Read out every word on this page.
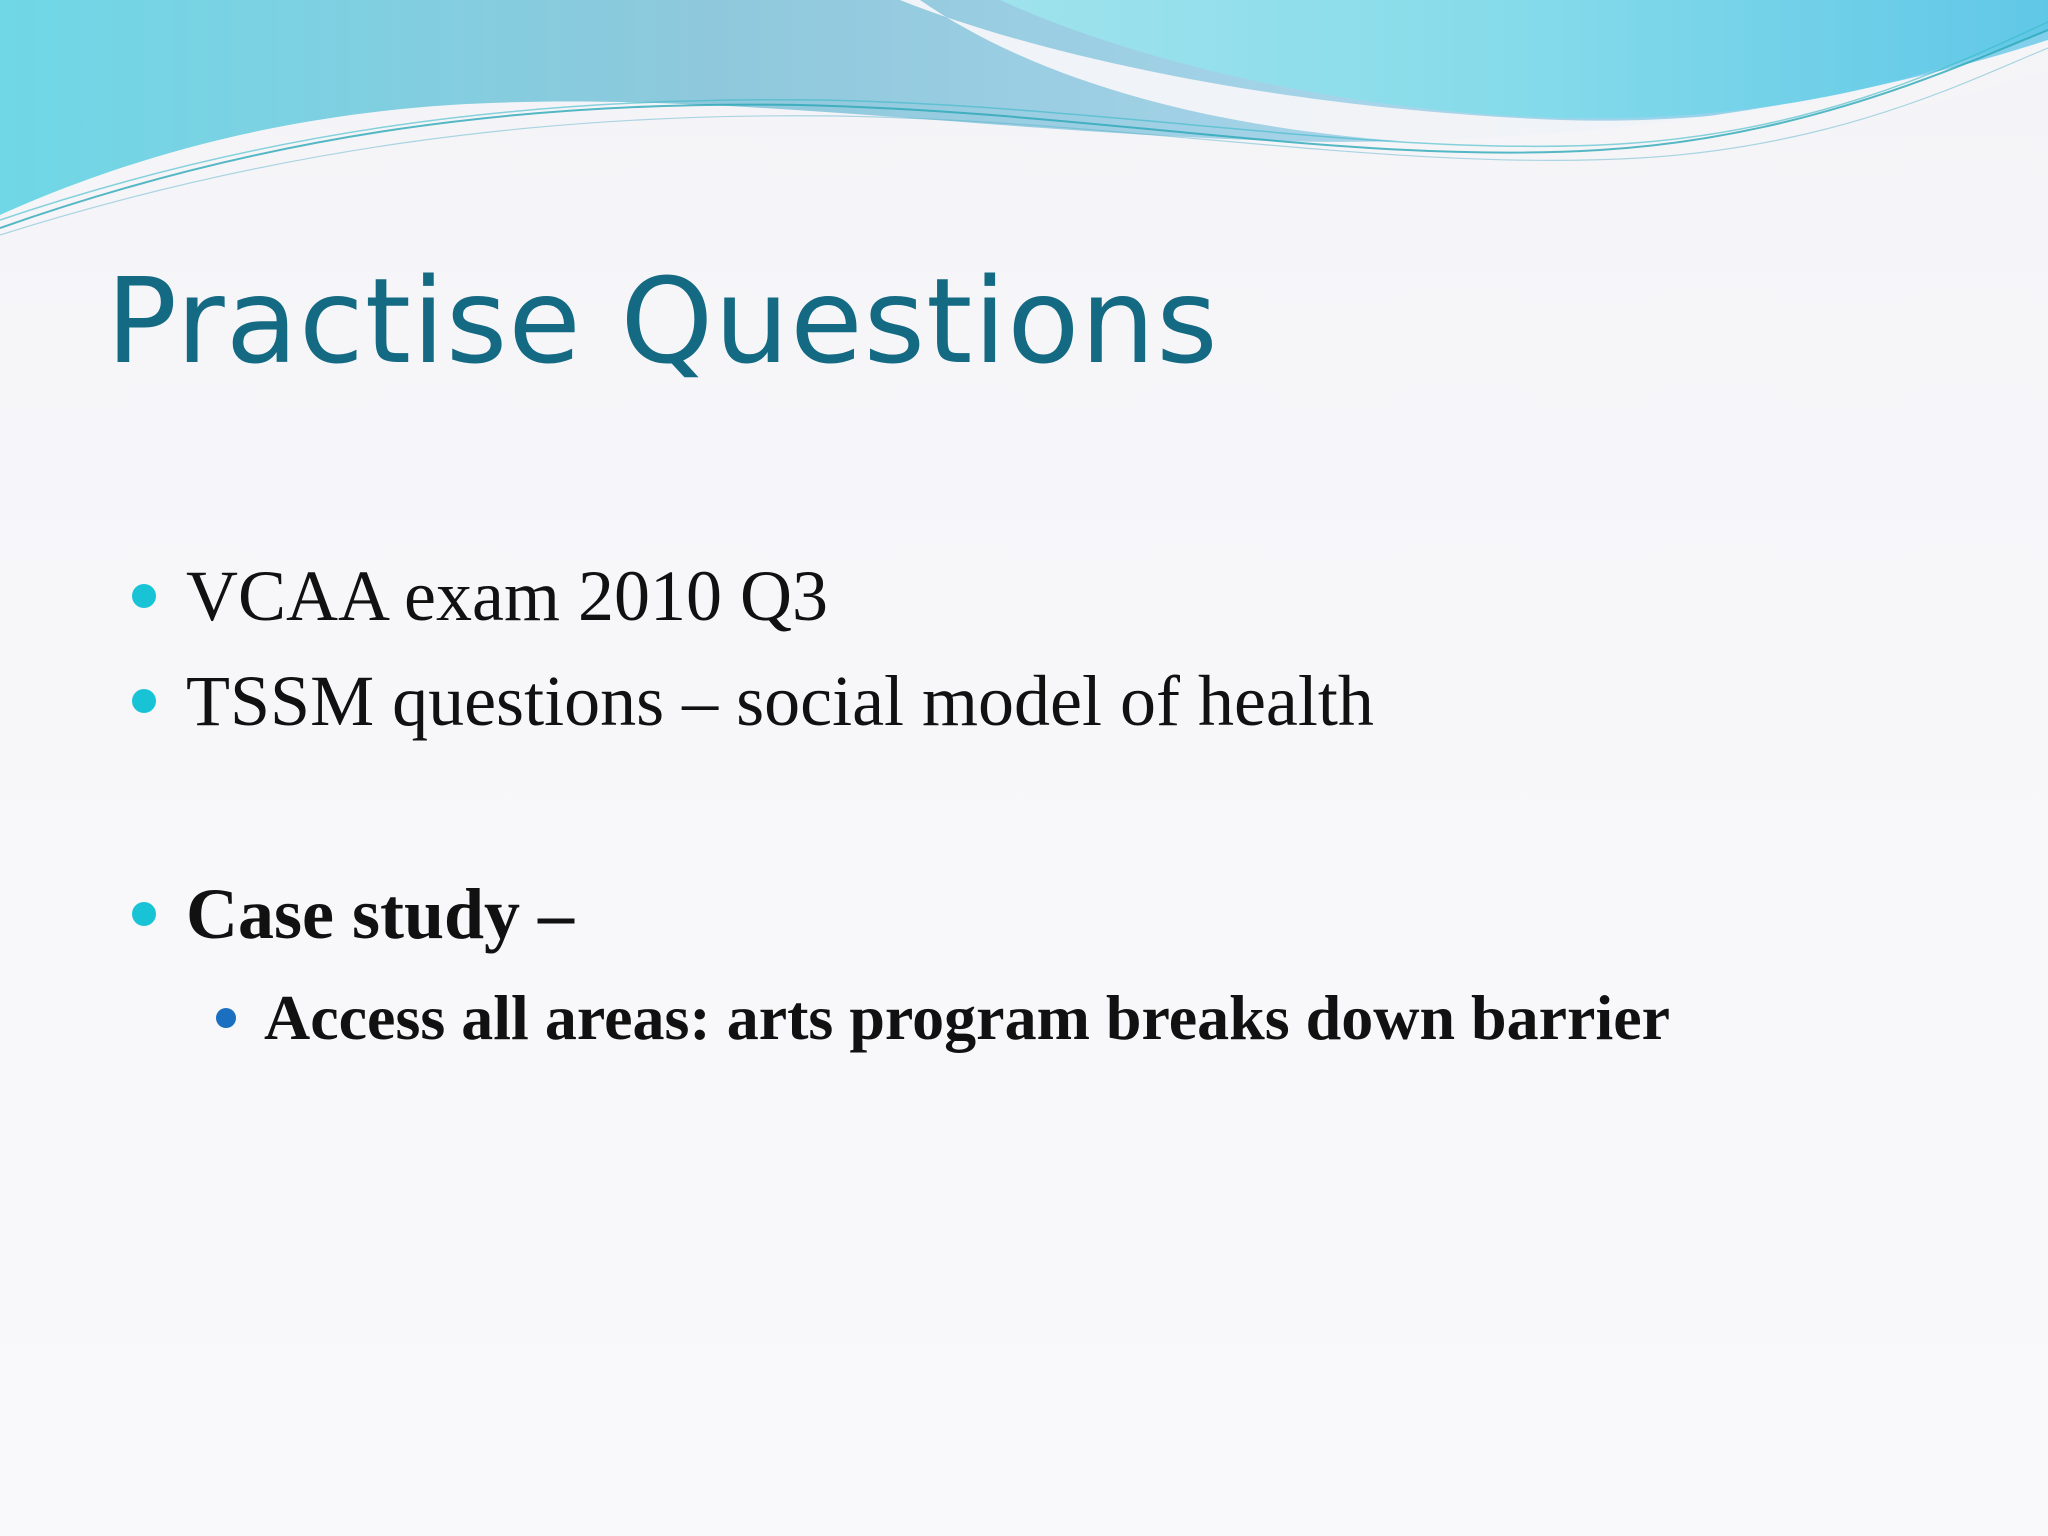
Practise Questions
VCAA exam 2010 Q3
TSSM questions – social model of health
Case study –
Access all areas: arts program breaks down barrier
